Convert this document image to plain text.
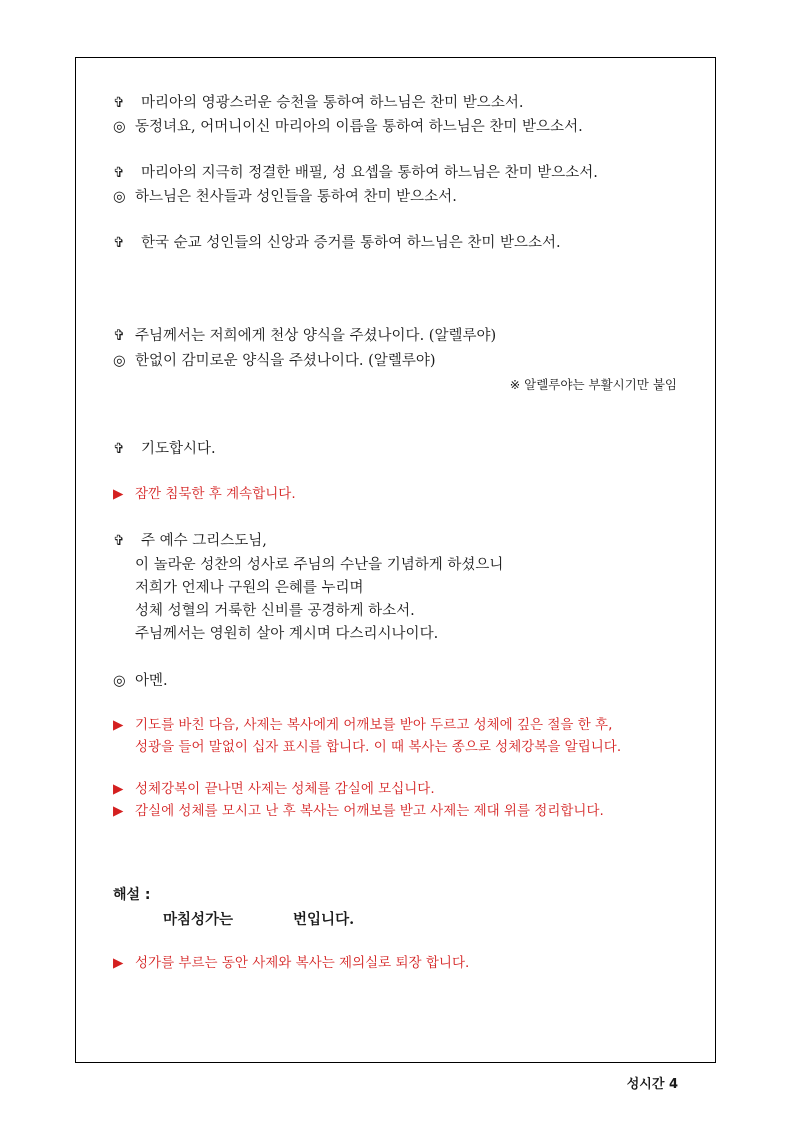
✞ 마리아의 영광스러운 승천을 통하여 하느님은 찬미 받으소서.
◎ 동정녀요, 어머니이신 마리아의 이름을 통하여 하느님은 찬미 받으소서.
✞ 마리아의 지극히 정결한 배필, 성 요셉을 통하여 하느님은 찬미 받으소서.
◎ 하느님은 천사들과 성인들을 통하여 찬미 받으소서.
✞ 한국 순교 성인들의 신앙과 증거를 통하여 하느님은 찬미 받으소서.
✞ 주님께서는 저희에게 천상 양식을 주셨나이다. (알렐루야)
◎ 한없이 감미로운 양식을 주셨나이다. (알렐루야)
※ 알렐루야는 부활시기만 붙임
✞ 기도합시다.
▶ 잠깐 침묵한 후 계속합니다.
✞ 주 예수 그리스도님,
이 놀라운 성찬의 성사로 주님의 수난을 기념하게 하셨으니
저희가 언제나 구원의 은혜를 누리며
성체 성혈의 거룩한 신비를 공경하게 하소서.
주님께서는 영원히 살아 계시며 다스리시나이다.
◎ 아멘.
▶ 기도를 바친 다음, 사제는 복사에게 어깨보를 받아 두르고 성체에 깊은 절을 한 후,
성광을 들어 말없이 십자 표시를 합니다. 이 때 복사는 종으로 성체강복을 알립니다.
▶ 성체강복이 끝나면 사제는 성체를 감실에 모십니다.
▶ 감실에 성체를 모시고 난 후 복사는 어깨보를 받고 사제는 제대 위를 정리합니다.
해설 :
마침성가는	번입니다.
▶ 성가를 부르는 동안 사제와 복사는 제의실로 퇴장 합니다.
성시간 4
